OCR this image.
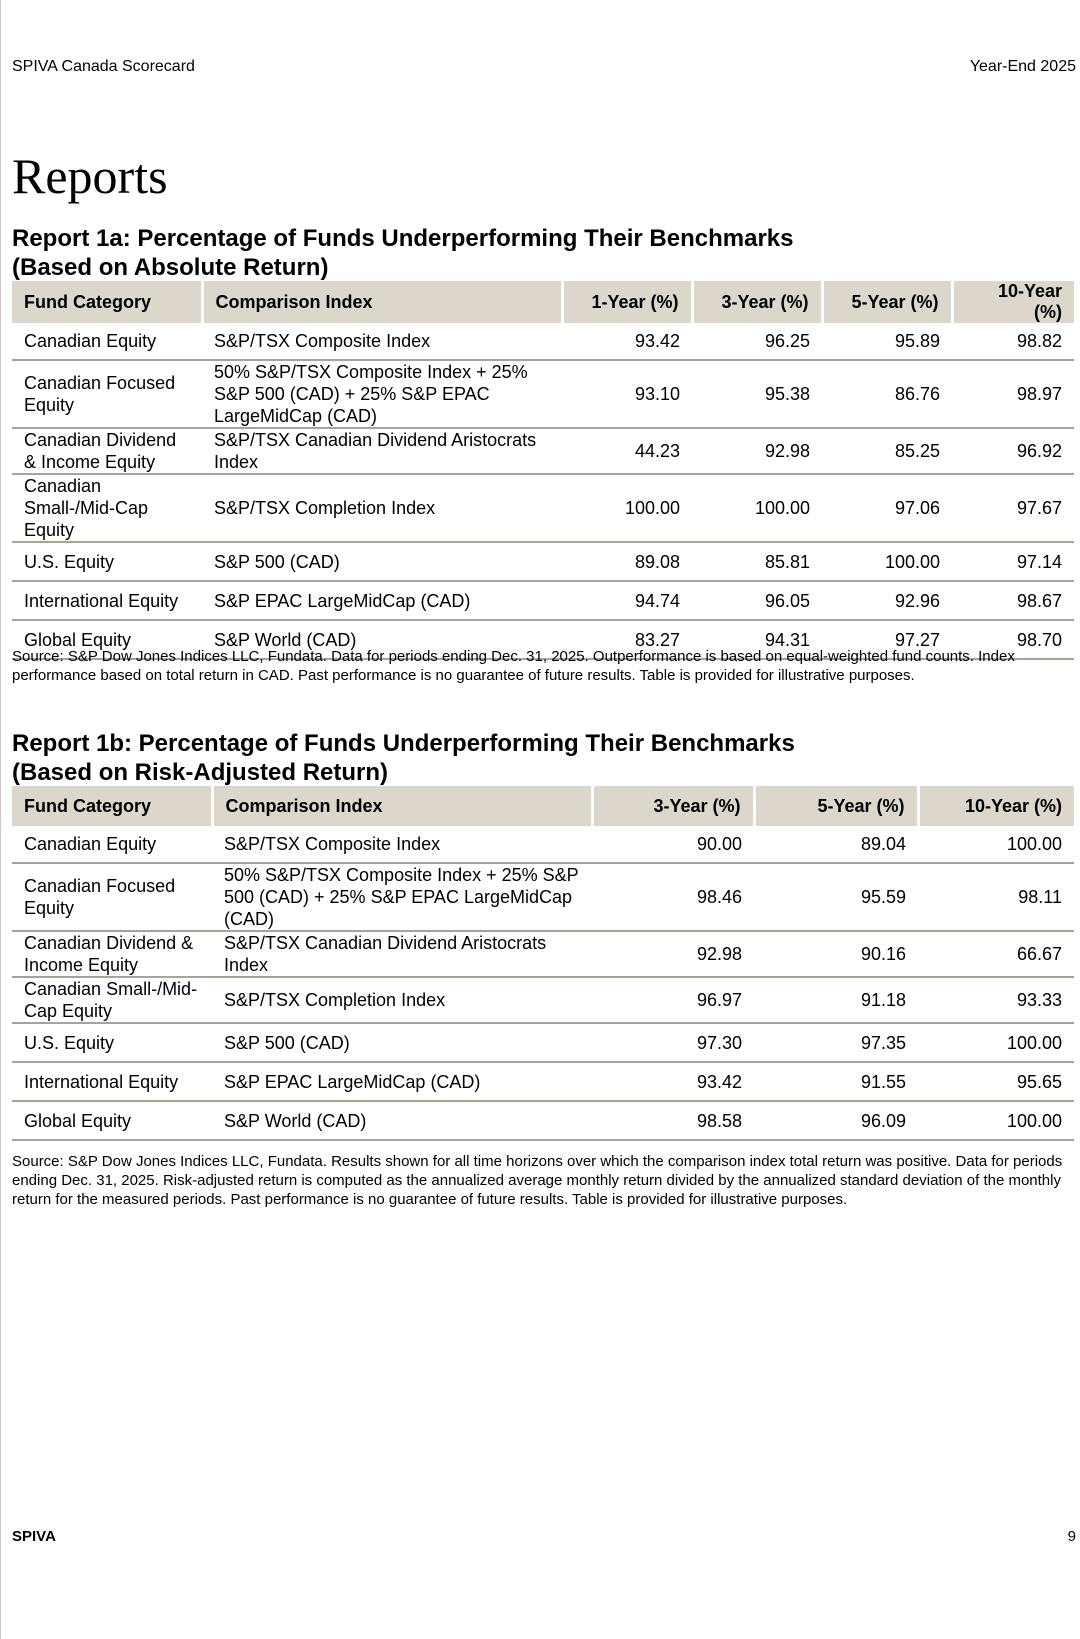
SPIVA Canada Scorecard	Year-End 2025
Reports
Report 1a: Percentage of Funds Underperforming Their Benchmarks
(Based on Absolute Return)
Fund Category	Comparison Index	1-Year (%)	3-Year (%)	5-Year (%)	10-Year (%)
Canadian Equity	S&P/TSX Composite Index	93.42	96.25	95.89	98.82
Canadian Focused Equity	50% S&P/TSX Composite Index + 25% S&P 500 (CAD) + 25% S&P EPAC LargeMidCap (CAD)	93.10	95.38	86.76	98.97
Canadian Dividend & Income Equity	S&P/TSX Canadian Dividend Aristocrats Index	44.23	92.98	85.25	96.92
Canadian Small-/Mid-Cap Equity	S&P/TSX Completion Index	100.00	100.00	97.06	97.67
U.S. Equity	S&P 500 (CAD)	89.08	85.81	100.00	97.14
International Equity	S&P EPAC LargeMidCap (CAD)	94.74	96.05	92.96	98.67
Global Equity	S&P World (CAD)	83.27	94.31	97.27	98.70
Source: S&P Dow Jones Indices LLC, Fundata. Data for periods ending Dec. 31, 2025. Outperformance is based on equal-weighted fund counts. Index performance based on total return in CAD. Past performance is no guarantee of future results. Table is provided for illustrative purposes.
Report 1b: Percentage of Funds Underperforming Their Benchmarks
(Based on Risk-Adjusted Return)
Fund Category	Comparison Index	3-Year (%)	5-Year (%)	10-Year (%)
Canadian Equity	S&P/TSX Composite Index	90.00	89.04	100.00
Canadian Focused Equity	50% S&P/TSX Composite Index + 25% S&P 500 (CAD) + 25% S&P EPAC LargeMidCap (CAD)	98.46	95.59	98.11
Canadian Dividend & Income Equity	S&P/TSX Canadian Dividend Aristocrats Index	92.98	90.16	66.67
Canadian Small-/Mid-Cap Equity	S&P/TSX Completion Index	96.97	91.18	93.33
U.S. Equity	S&P 500 (CAD)	97.30	97.35	100.00
International Equity	S&P EPAC LargeMidCap (CAD)	93.42	91.55	95.65
Global Equity	S&P World (CAD)	98.58	96.09	100.00
Source: S&P Dow Jones Indices LLC, Fundata. Results shown for all time horizons over which the comparison index total return was positive. Data for periods ending Dec. 31, 2025. Risk-adjusted return is computed as the annualized average monthly return divided by the annualized standard deviation of the monthly return for the measured periods. Past performance is no guarantee of future results. Table is provided for illustrative purposes.
SPIVA	9
